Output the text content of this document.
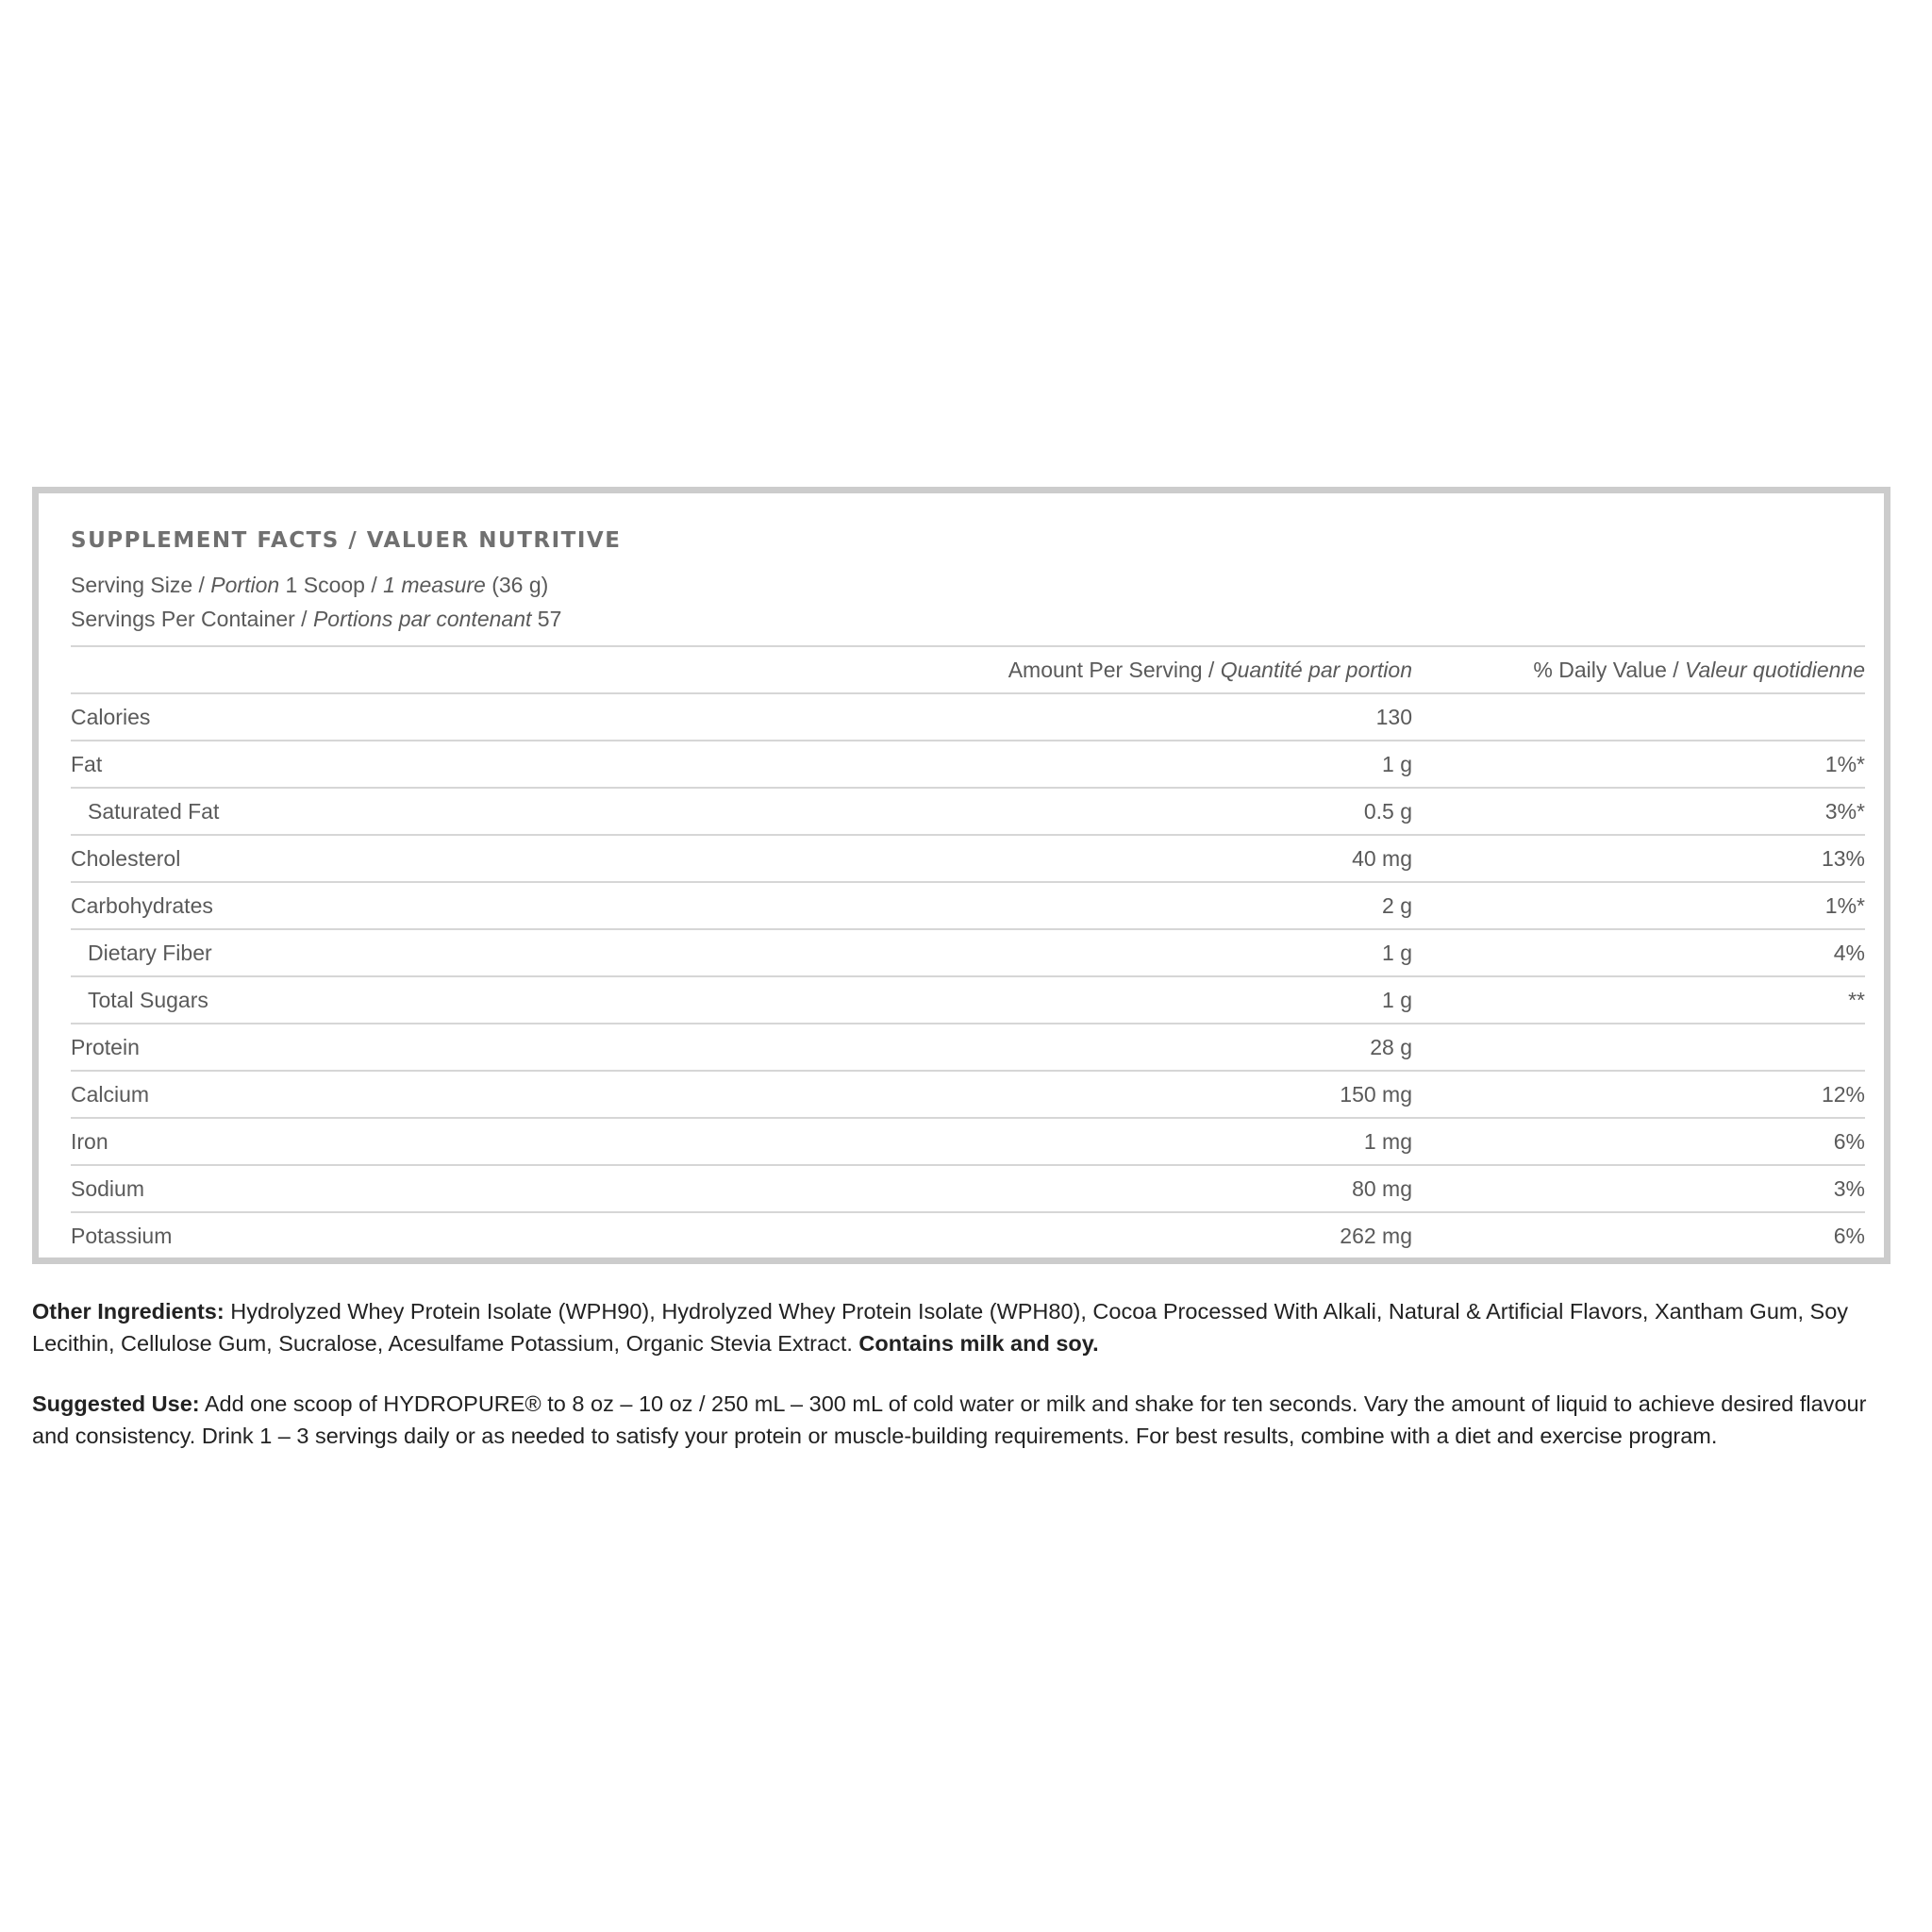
SUPPLEMENT FACTS / VALUER NUTRITIVE
Serving Size / Portion 1 Scoop / 1 measure (36 g)
Servings Per Container / Portions par contenant 57
	Amount Per Serving / Quantité par portion	% Daily Value / Valeur quotidienne
Calories	130	
Fat	1 g	1%*
Saturated Fat	0.5 g	3%*
Cholesterol	40 mg	13%
Carbohydrates	2 g	1%*
Dietary Fiber	1 g	4%
Total Sugars	1 g	**
Protein	28 g	
Calcium	150 mg	12%
Iron	1 mg	6%
Sodium	80 mg	3%
Potassium	262 mg	6%

Other Ingredients: Hydrolyzed Whey Protein Isolate (WPH90), Hydrolyzed Whey Protein Isolate (WPH80), Cocoa Processed With Alkali, Natural & Artificial Flavors, Xantham Gum, Soy Lecithin, Cellulose Gum, Sucralose, Acesulfame Potassium, Organic Stevia Extract. Contains milk and soy.

Suggested Use: Add one scoop of HYDROPURE® to 8 oz – 10 oz / 250 mL – 300 mL of cold water or milk and shake for ten seconds. Vary the amount of liquid to achieve desired flavour and consistency. Drink 1 – 3 servings daily or as needed to satisfy your protein or muscle-building requirements. For best results, combine with a diet and exercise program.
